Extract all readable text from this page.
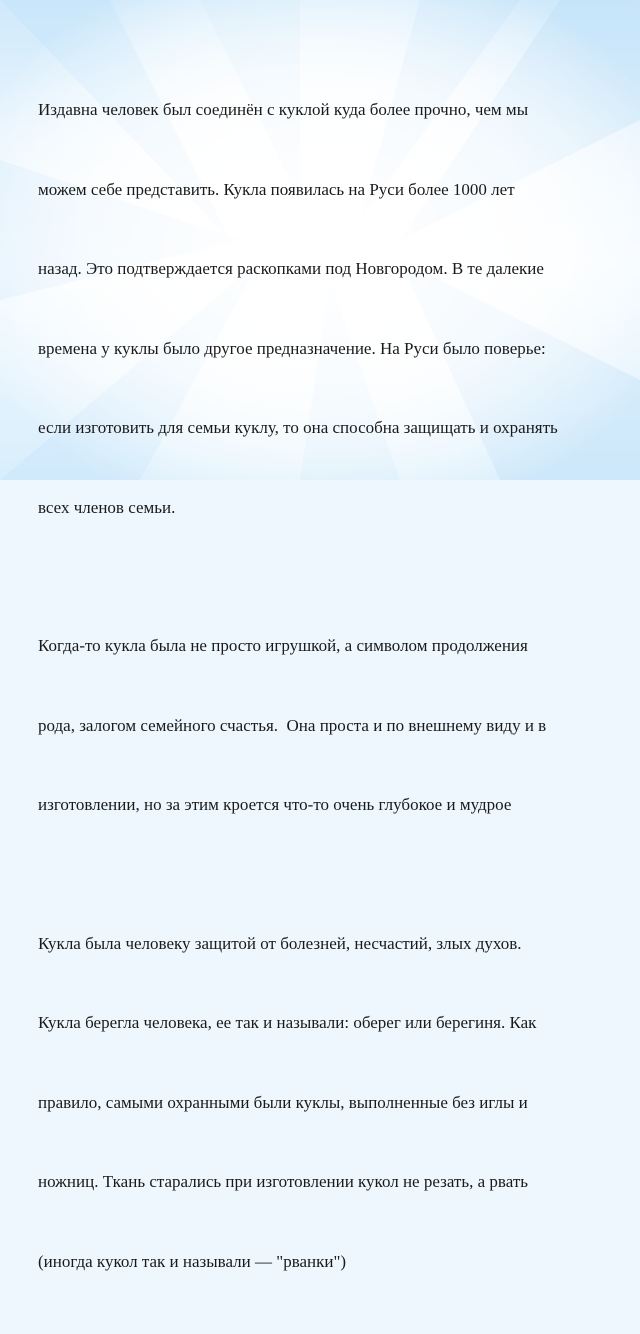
Издавна человек был соединён с куклой куда более прочно, чем мы

можем себе представить. Кукла появилась на Руси более 1000 лет

назад. Это подтверждается раскопками под Новгородом. В те далекие

времена у куклы было другое предназначение. На Руси было поверье:

если изготовить для семьи куклу, то она способна защищать и охранять

всех членов семьи.

Когда-то кукла была не просто игрушкой, а символом продолжения

рода, залогом семейного счастья.  Она проста и по внешнему виду и в

изготовлении, но за этим кроется что-то очень глубокое и мудрое

Кукла была человеку защитой от болезней, несчастий, злых духов.

Кукла берегла человека, ее так и называли: оберег или берегиня. Как

правило, самыми охранными были куклы, выполненные без иглы и

ножниц. Ткань старались при изготовлении кукол не резать, а рвать

(иногда кукол так и называли — "рванки")
